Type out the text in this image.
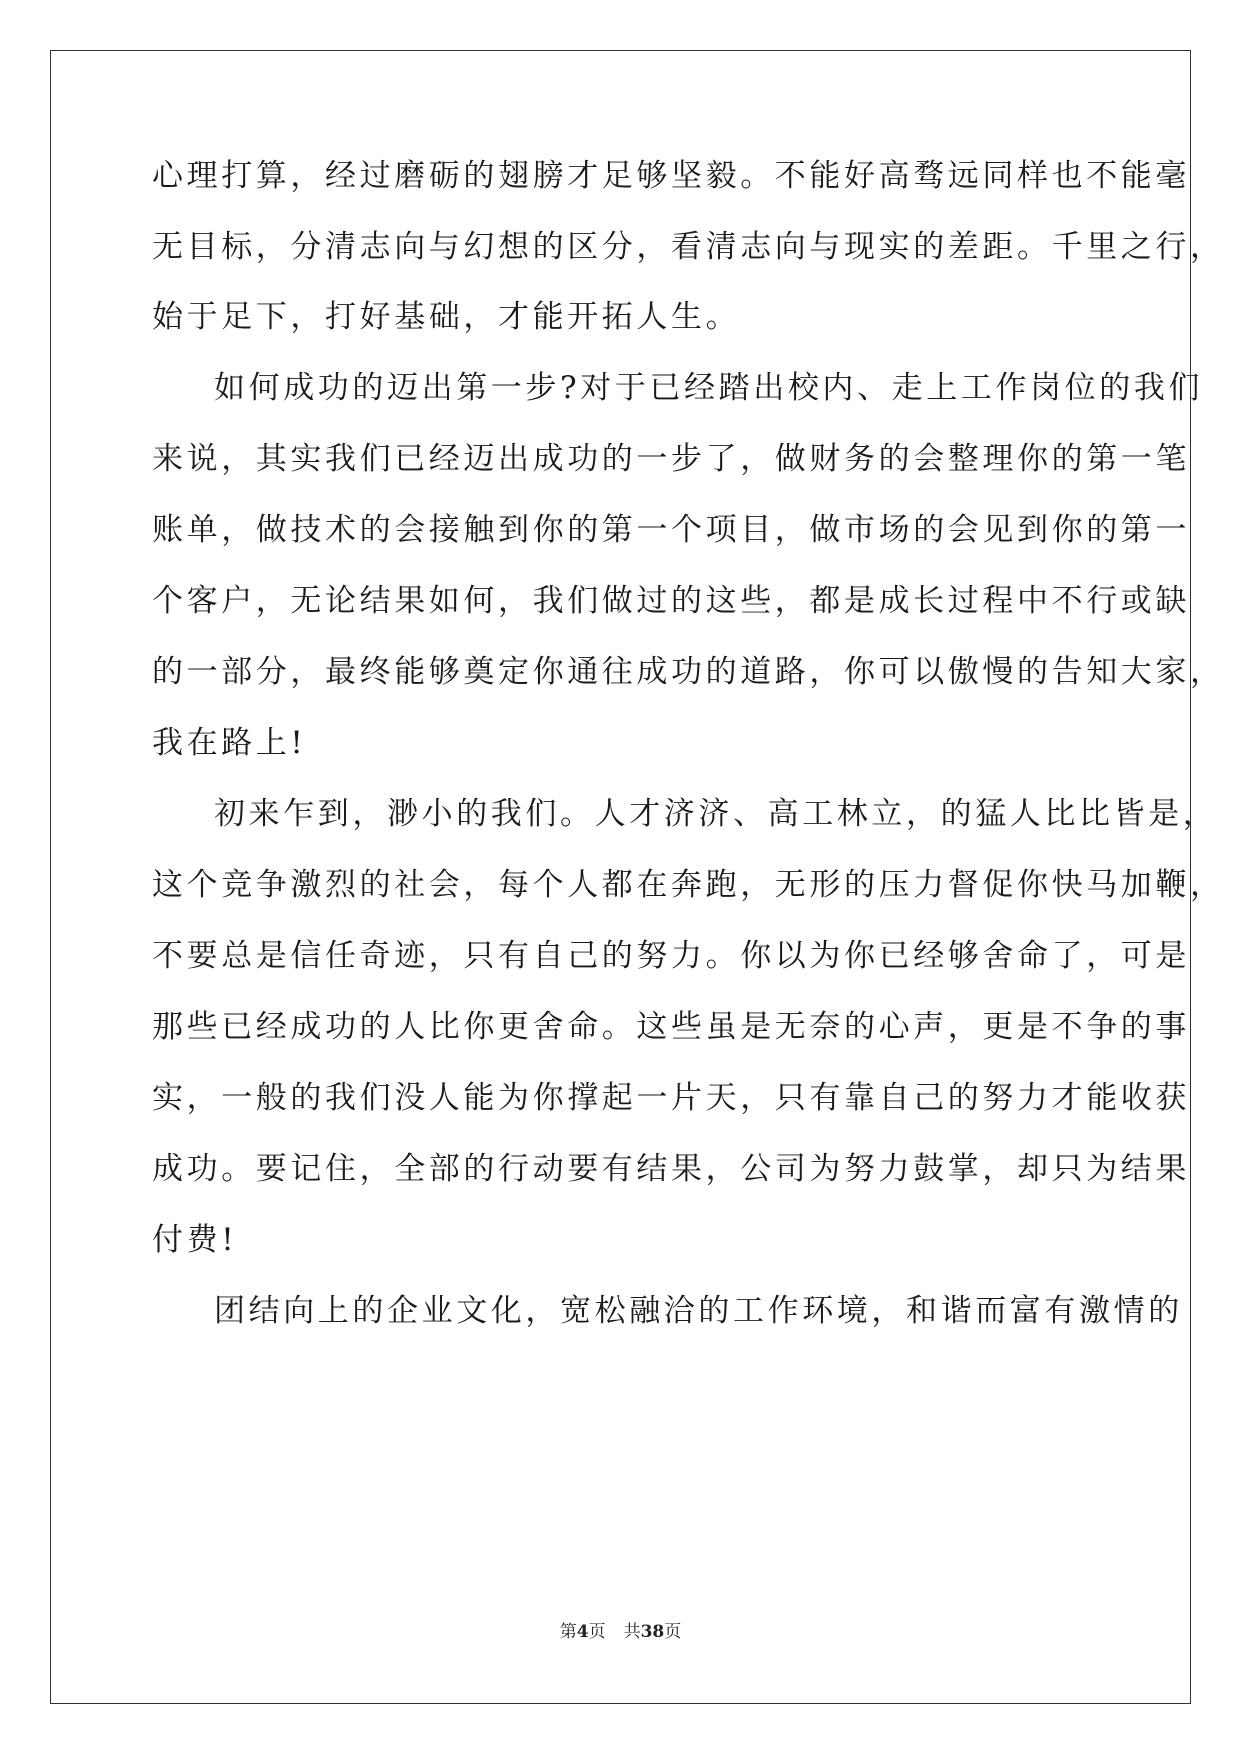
心理打算，经过磨砺的翅膀才足够坚毅。不能好高骛远同样也不能毫
无目标，分清志向与幻想的区分，看清志向与现实的差距。千里之行，
始于足下，打好基础，才能开拓人生。
如何成功的迈出第一步?对于已经踏出校内、走上工作岗位的我们
来说，其实我们已经迈出成功的一步了，做财务的会整理你的第一笔
账单，做技术的会接触到你的第一个项目，做市场的会见到你的第一
个客户，无论结果如何，我们做过的这些，都是成长过程中不行或缺
的一部分，最终能够奠定你通往成功的道路，你可以傲慢的告知大家，
我在路上!
初来乍到，渺小的我们。人才济济、高工林立，的猛人比比皆是，
这个竞争激烈的社会，每个人都在奔跑，无形的压力督促你快马加鞭，
不要总是信任奇迹，只有自己的努力。你以为你已经够舍命了，可是
那些已经成功的人比你更舍命。这些虽是无奈的心声，更是不争的事
实，一般的我们没人能为你撑起一片天，只有靠自己的努力才能收获
成功。要记住，全部的行动要有结果，公司为努力鼓掌，却只为结果
付费!
团结向上的企业文化，宽松融洽的工作环境，和谐而富有激情的
第4页 共38页
